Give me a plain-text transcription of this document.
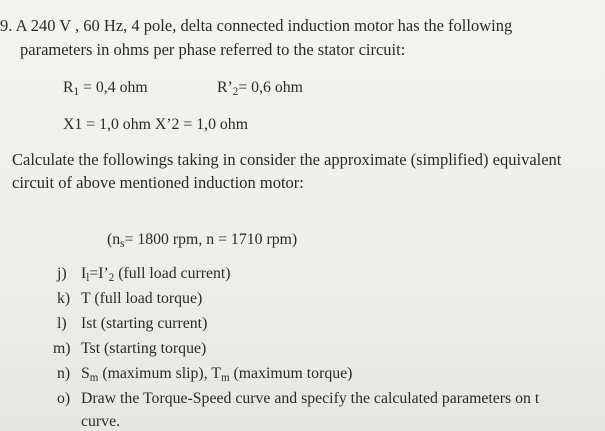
9. A 240 V , 60 Hz, 4 pole, delta connected induction motor has the following
parameters in ohms per phase referred to the stator circuit:
$R_1 = 0,4$ ohm	$R’_2= 0,6$ ohm
X1 = 1,0 ohm X’2 = 1,0 ohm
Calculate the followings taking in consider the approximate (simplified) equivalent
circuit of above mentioned induction motor:
($n_s= 1800$ rpm, n = 1710 rpm)
j) $I_l=I’_2$ (full load current)
k) T (full load torque)
l) Ist (starting current)
m) Tst (starting torque)
n) $S_m$ (maximum slip), $T_m$ (maximum torque)
o) Draw the Torque-Speed curve and specify the calculated parameters on t
curve.
